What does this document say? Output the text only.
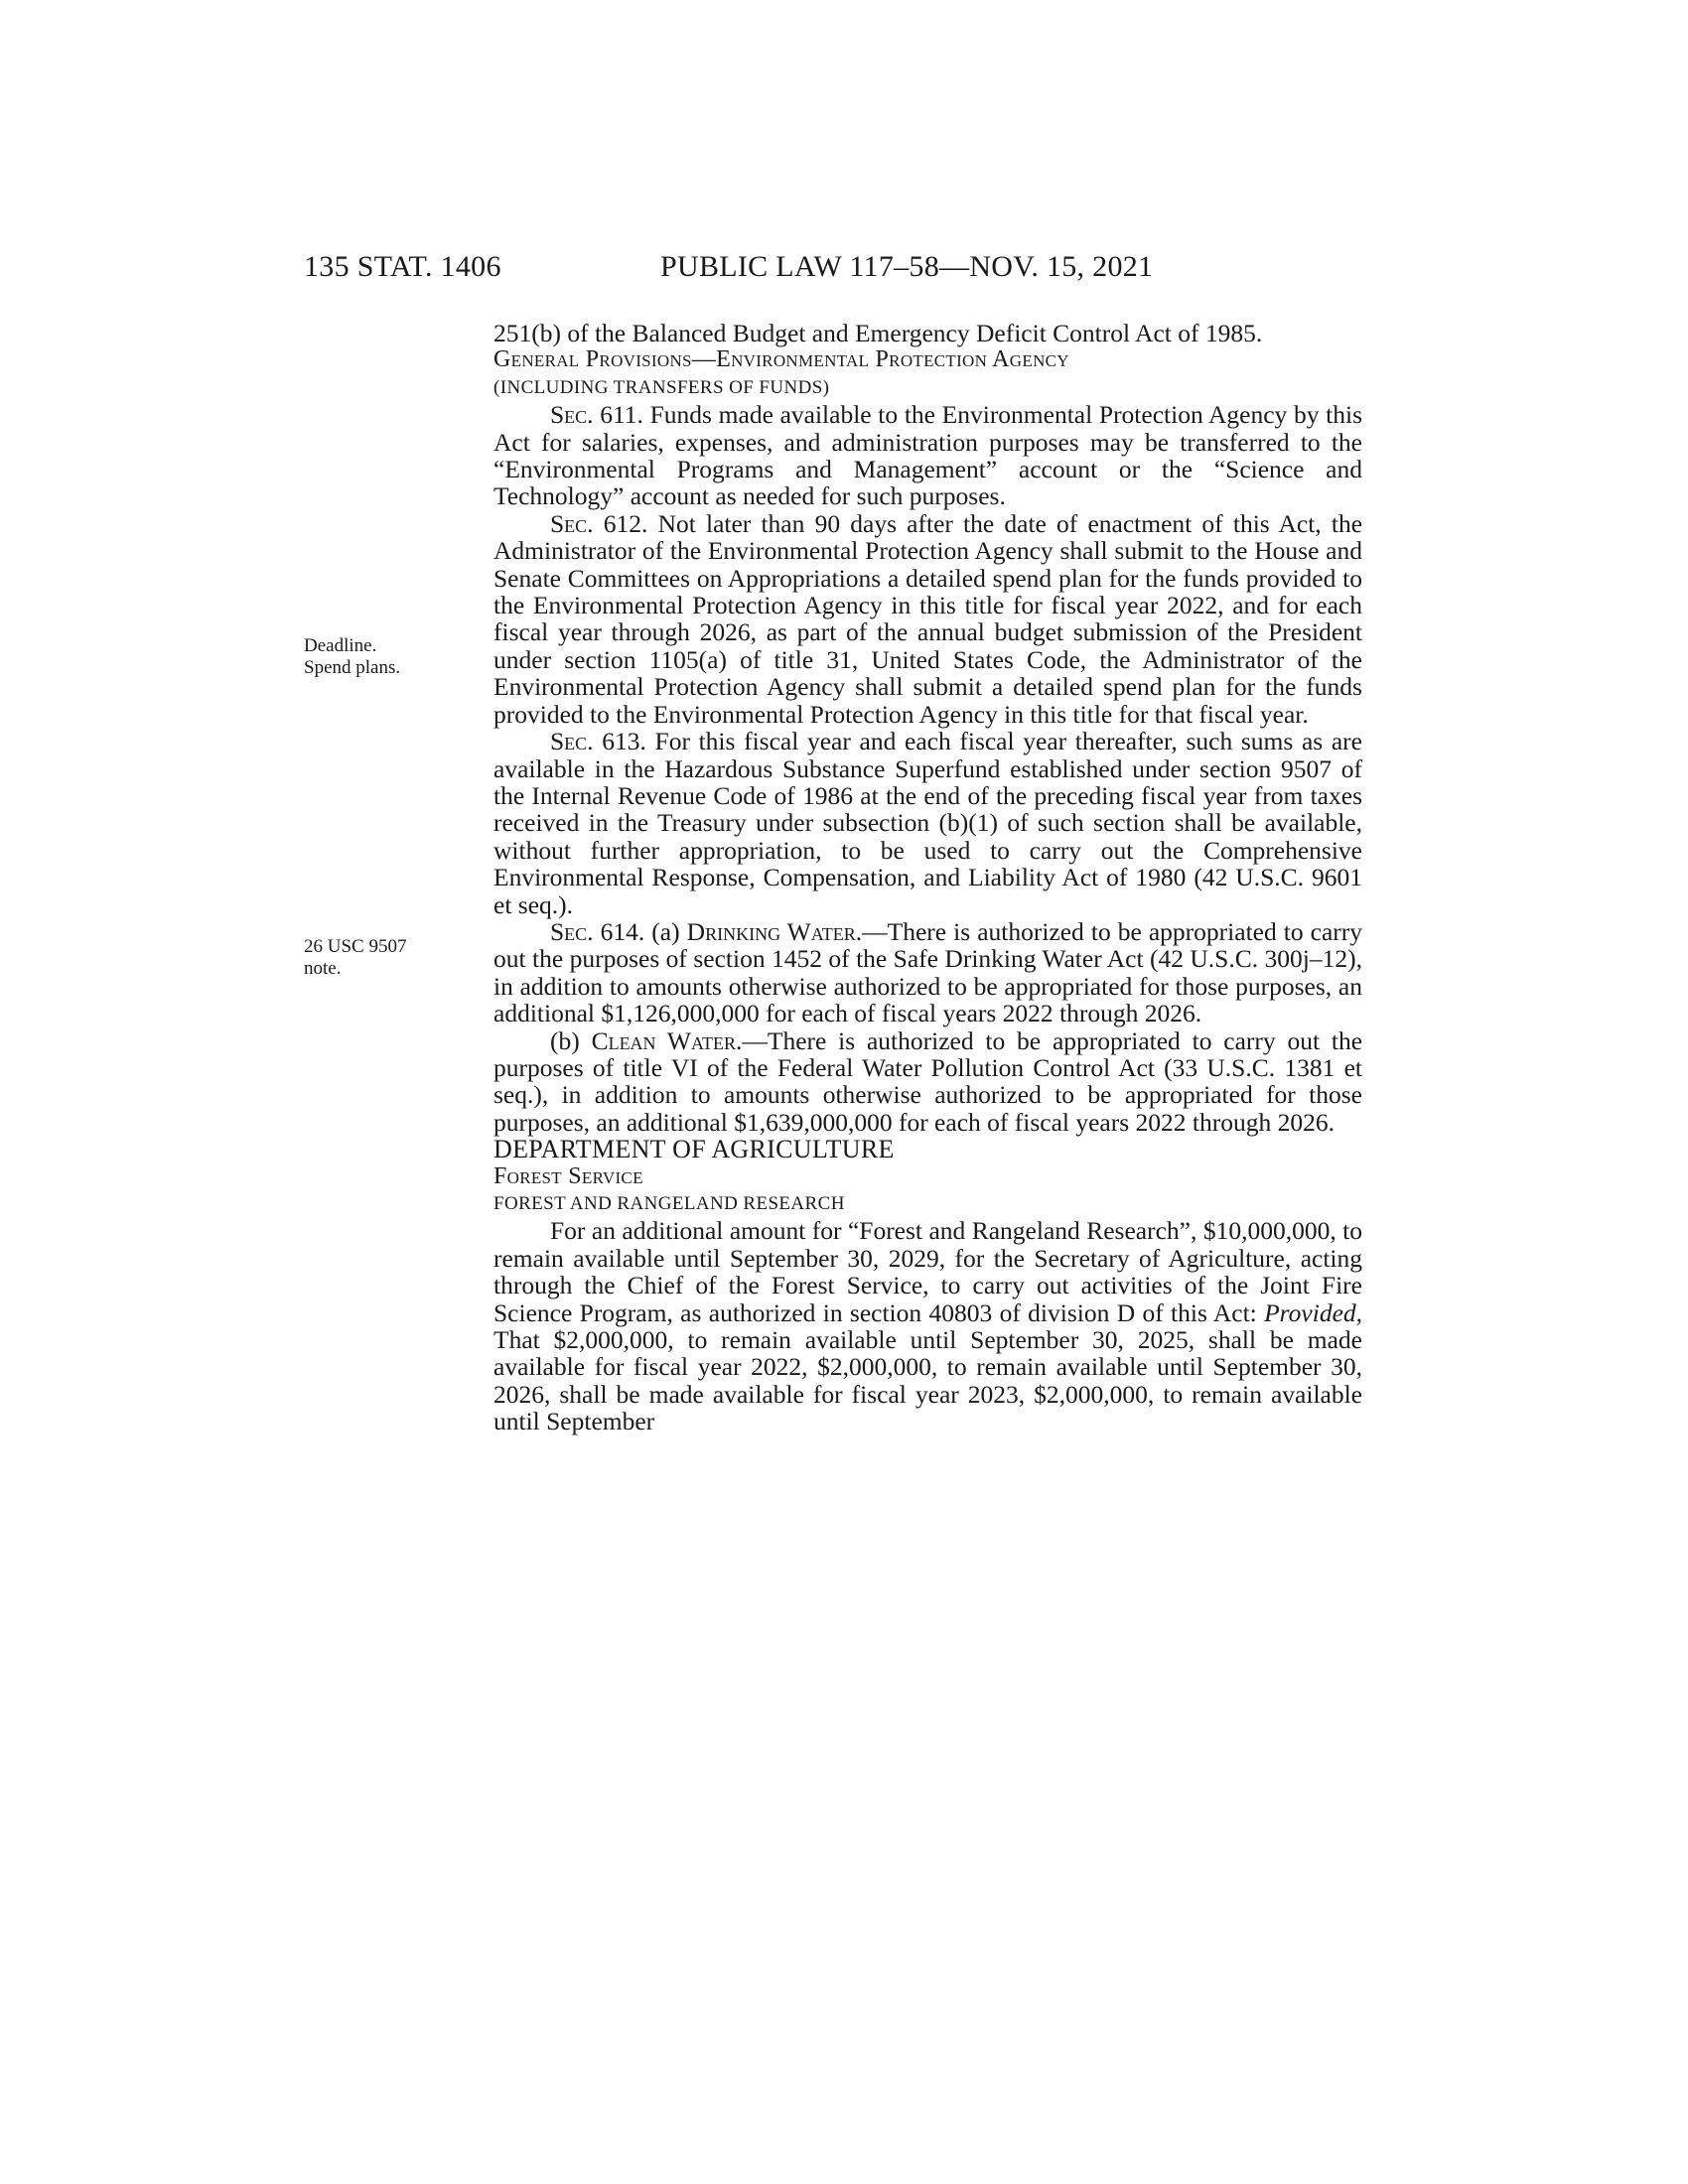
135 STAT. 1406	PUBLIC LAW 117–58—NOV. 15, 2021
Deadline.
Spend plans.
26 USC 9507
note.

251(b) of the Balanced Budget and Emergency Deficit Control Act of 1985.

General Provisions—Environmental Protection Agency

(INCLUDING TRANSFERS OF FUNDS)

Sec. 611. Funds made available to the Environmental Protection Agency by this Act for salaries, expenses, and administration purposes may be transferred to the “Environmental Programs and Management” account or the “Science and Technology” account as needed for such purposes.

Sec. 612. Not later than 90 days after the date of enactment of this Act, the Administrator of the Environmental Protection Agency shall submit to the House and Senate Committees on Appropriations a detailed spend plan for the funds provided to the Environmental Protection Agency in this title for fiscal year 2022, and for each fiscal year through 2026, as part of the annual budget submission of the President under section 1105(a) of title 31, United States Code, the Administrator of the Environmental Protection Agency shall submit a detailed spend plan for the funds provided to the Environmental Protection Agency in this title for that fiscal year.

Sec. 613. For this fiscal year and each fiscal year thereafter, such sums as are available in the Hazardous Substance Superfund established under section 9507 of the Internal Revenue Code of 1986 at the end of the preceding fiscal year from taxes received in the Treasury under subsection (b)(1) of such section shall be available, without further appropriation, to be used to carry out the Comprehensive Environmental Response, Compensation, and Liability Act of 1980 (42 U.S.C. 9601 et seq.).

Sec. 614. (a) Drinking Water.—There is authorized to be appropriated to carry out the purposes of section 1452 of the Safe Drinking Water Act (42 U.S.C. 300j–12), in addition to amounts otherwise authorized to be appropriated for those purposes, an additional $1,126,000,000 for each of fiscal years 2022 through 2026.

(b) Clean Water.—There is authorized to be appropriated to carry out the purposes of title VI of the Federal Water Pollution Control Act (33 U.S.C. 1381 et seq.), in addition to amounts otherwise authorized to be appropriated for those purposes, an additional $1,639,000,000 for each of fiscal years 2022 through 2026.

DEPARTMENT OF AGRICULTURE

Forest Service

FOREST AND RANGELAND RESEARCH

For an additional amount for “Forest and Rangeland Research”, $10,000,000, to remain available until September 30, 2029, for the Secretary of Agriculture, acting through the Chief of the Forest Service, to carry out activities of the Joint Fire Science Program, as authorized in section 40803 of division D of this Act: Provided, That $2,000,000, to remain available until September 30, 2025, shall be made available for fiscal year 2022, $2,000,000, to remain available until September 30, 2026, shall be made available for fiscal year 2023, $2,000,000, to remain available until September
